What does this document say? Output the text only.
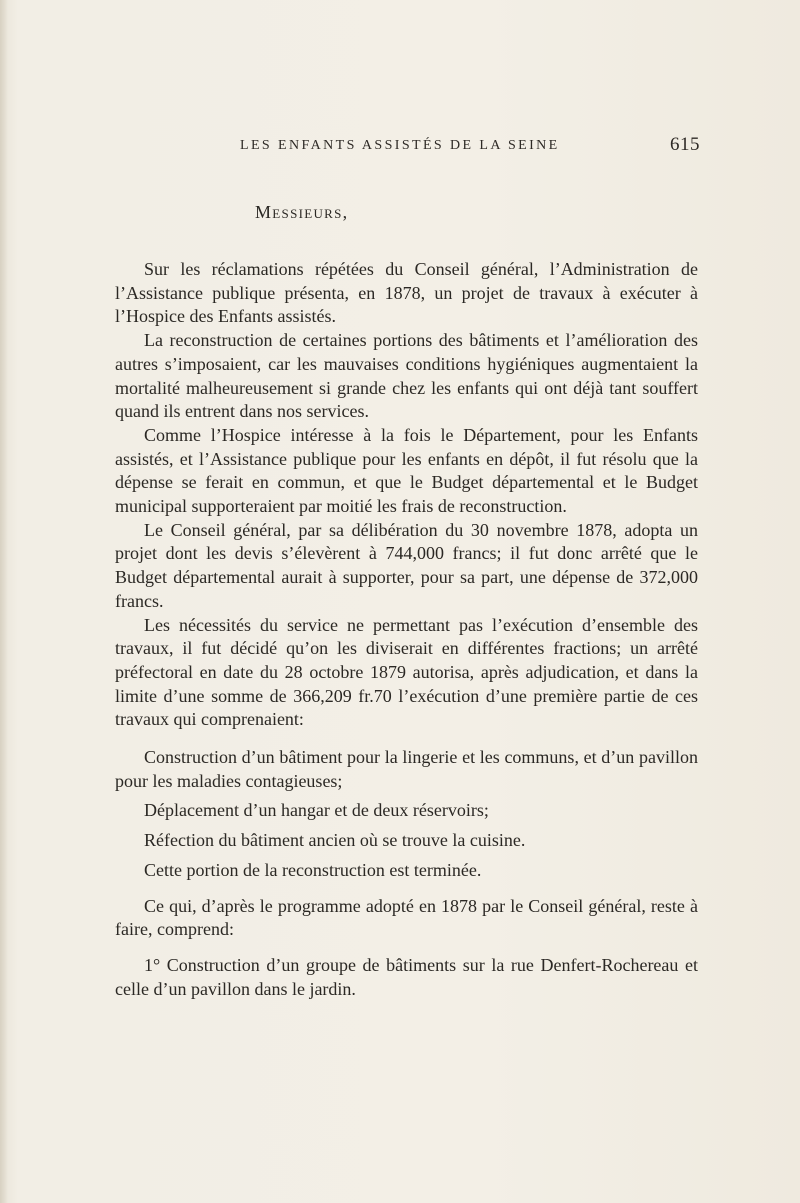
LES ENFANTS ASSISTÉS DE LA SEINE	615
Messieurs,

Sur les réclamations répétées du Conseil général, l’Administration de l’Assistance publique présenta, en 1878, un projet de travaux à exécuter à l’Hospice des Enfants assistés.

La reconstruction de certaines portions des bâtiments et l’amélioration des autres s’imposaient, car les mauvaises conditions hygiéniques augmentaient la mortalité malheureusement si grande chez les enfants qui ont déjà tant souffert quand ils entrent dans nos services.

Comme l’Hospice intéresse à la fois le Département, pour les Enfants assistés, et l’Assistance publique pour les enfants en dépôt, il fut résolu que la dépense se ferait en commun, et que le Budget départemental et le Budget municipal supporteraient par moitié les frais de reconstruction.

Le Conseil général, par sa délibération du 30 novembre 1878, adopta un projet dont les devis s’élevèrent à 744,000 francs; il fut donc arrêté que le Budget départemental aurait à supporter, pour sa part, une dépense de 372,000 francs.

Les nécessités du service ne permettant pas l’exécution d’ensemble des travaux, il fut décidé qu’on les diviserait en différentes fractions; un arrêté préfectoral en date du 28 octobre 1879 autorisa, après adjudication, et dans la limite d’une somme de 366,209 fr.70 l’exécution d’une première partie de ces travaux qui comprenaient:

Construction d’un bâtiment pour la lingerie et les communs, et d’un pavillon pour les maladies contagieuses;

Déplacement d’un hangar et de deux réservoirs;

Réfection du bâtiment ancien où se trouve la cuisine.

Cette portion de la reconstruction est terminée.

Ce qui, d’après le programme adopté en 1878 par le Conseil général, reste à faire, comprend:

1° Construction d’un groupe de bâtiments sur la rue Denfert-Rochereau et celle d’un pavillon dans le jardin.
